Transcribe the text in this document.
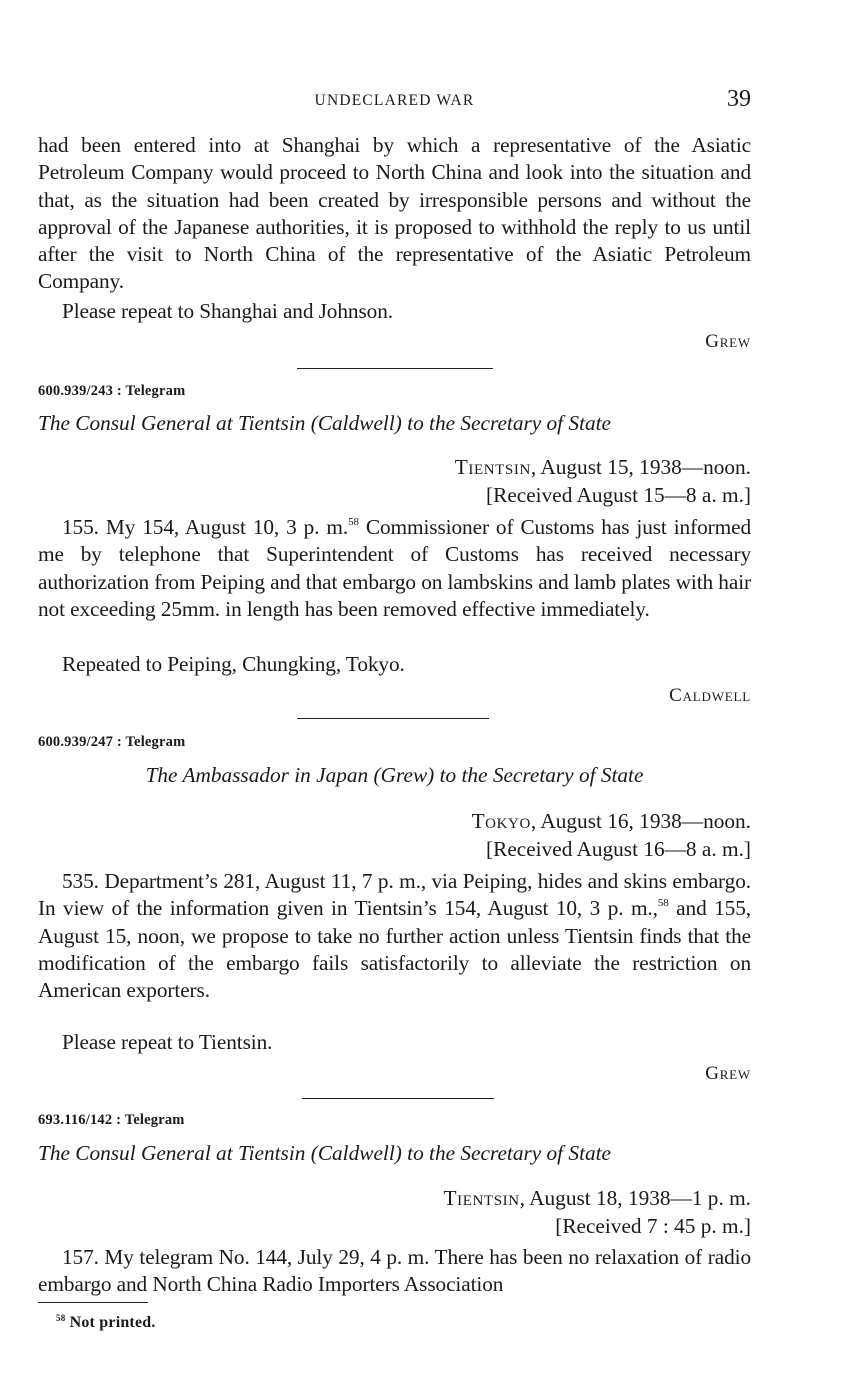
UNDECLARED WAR	39

had been entered into at Shanghai by which a representative of the Asiatic Petroleum Company would proceed to North China and look into the situation and that, as the situation had been created by irresponsible persons and without the approval of the Japanese authorities, it is proposed to withhold the reply to us until after the visit to North China of the representative of the Asiatic Petroleum Company.

Please repeat to Shanghai and Johnson.

Grew
600.939/243 : Telegram
The Consul General at Tientsin (Caldwell) to the Secretary of State
Tientsin, August 15, 1938—noon.
[Received August 15—8 a. m.]

155. My 154, August 10, 3 p. m.$^{58}$ Commissioner of Customs has just informed me by telephone that Superintendent of Customs has received necessary authorization from Peiping and that embargo on lambskins and lamb plates with hair not exceeding 25mm. in length has been removed effective immediately.

Repeated to Peiping, Chungking, Tokyo.

Caldwell
600.939/247 : Telegram
The Ambassador in Japan (Grew) to the Secretary of State
Tokyo, August 16, 1938—noon.
[Received August 16—8 a. m.]

535. Department’s 281, August 11, 7 p. m., via Peiping, hides and skins embargo. In view of the information given in Tientsin’s 154, August 10, 3 p. m.,$^{58}$ and 155, August 15, noon, we propose to take no further action unless Tientsin finds that the modification of the embargo fails satisfactorily to alleviate the restriction on American exporters.

Please repeat to Tientsin.

Grew
693.116/142 : Telegram
The Consul General at Tientsin (Caldwell) to the Secretary of State
Tientsin, August 18, 1938—1 p. m.
[Received 7 : 45 p. m.]

157. My telegram No. 144, July 29, 4 p. m. There has been no relaxation of radio embargo and North China Radio Importers Association

$^{58}$ Not printed.
